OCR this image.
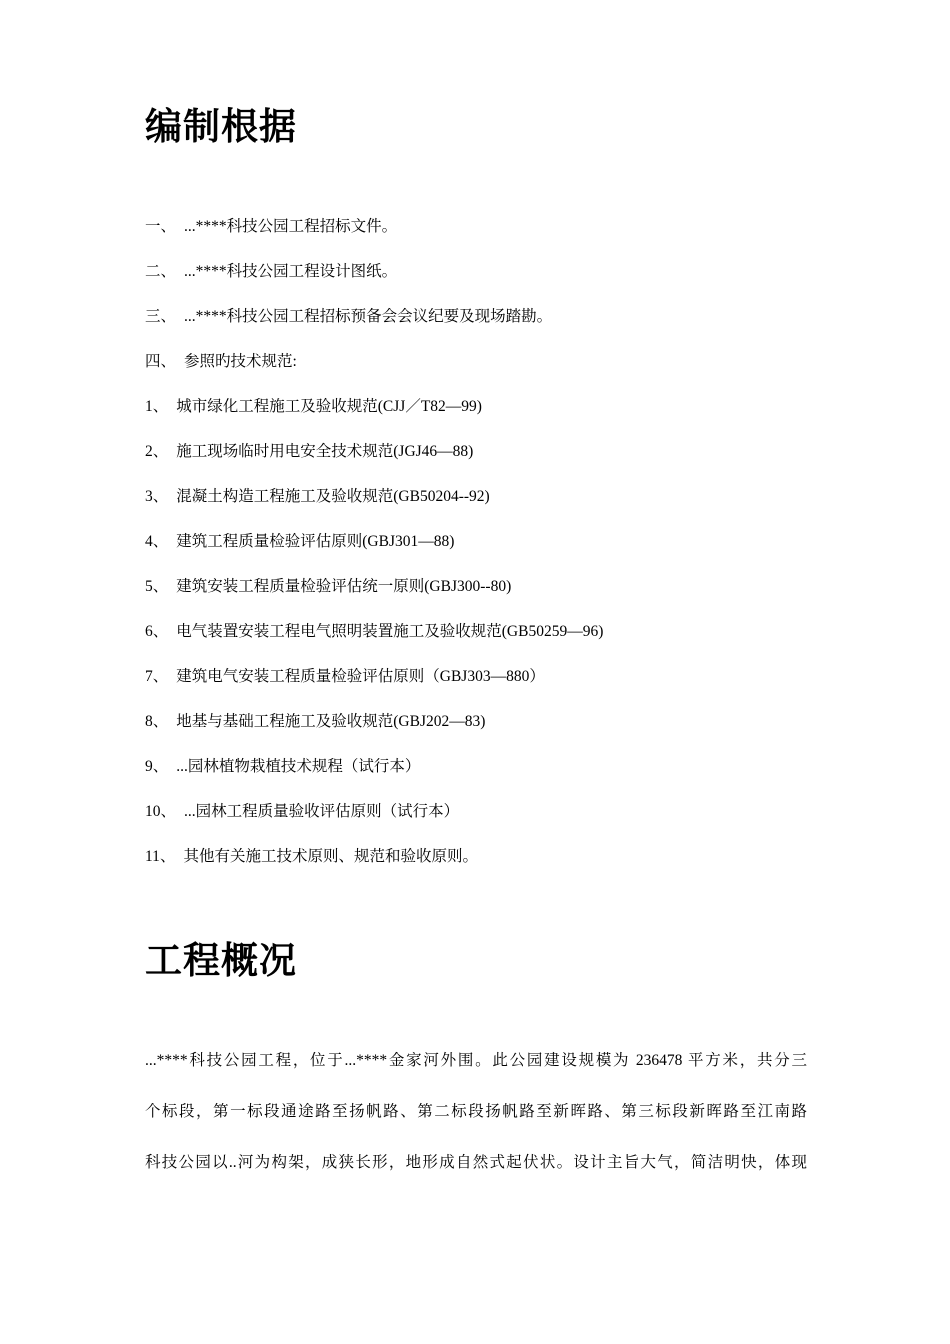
编制根据
一、 ...****科技公园工程招标文件。
二、 ...****科技公园工程设计图纸。
三、 ...****科技公园工程招标预备会会议纪要及现场踏勘。
四、 参照旳技术规范:
1、 城市绿化工程施工及验收规范(CJJ／T82—99)
2、 施工现场临时用电安全技术规范(JGJ46—88)
3、 混凝土构造工程施工及验收规范(GB50204--92)
4、 建筑工程质量检验评估原则(GBJ301—88)
5、 建筑安装工程质量检验评估统一原则(GBJ300--80)
6、 电气装置安装工程电气照明装置施工及验收规范(GB50259—96)
7、 建筑电气安装工程质量检验评估原则（GBJ303—880）
8、 地基与基础工程施工及验收规范(GBJ202—83)
9、 ...园林植物栽植技术规程（试行本）
10、 ...园林工程质量验收评估原则（试行本）
11、 其他有关施工技术原则、规范和验收原则。
工程概况
...****科技公园工程，位于...****金家河外围。此公园建设规模为 236478 平方米，共分三
个标段，第一标段通途路至扬帆路、第二标段扬帆路至新晖路、第三标段新晖路至江南路
科技公园以..河为构架，成狭长形，地形成自然式起伏状。设计主旨大气，简洁明快，体现
